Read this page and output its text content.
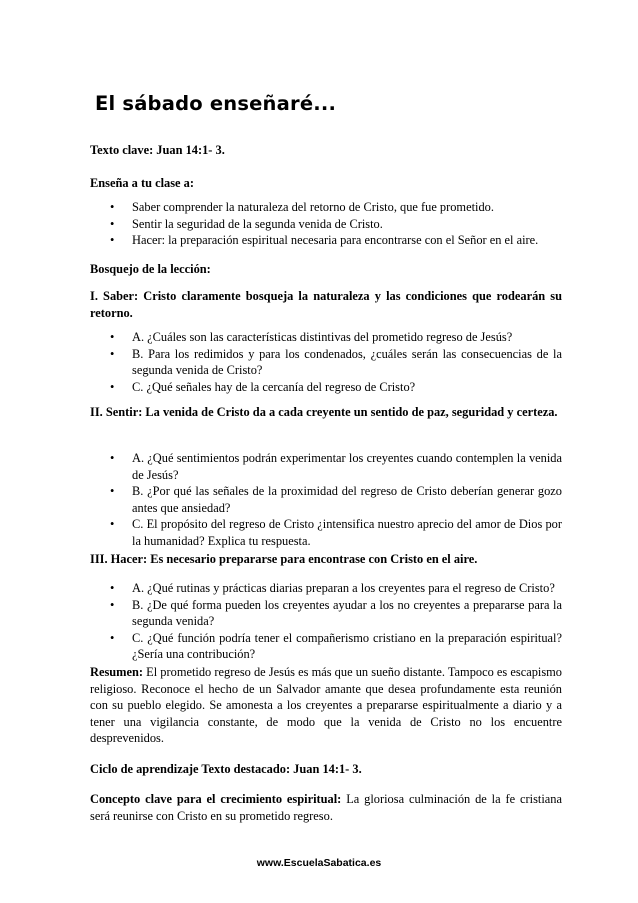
El sábado enseñaré...

Texto clave: Juan 14:1- 3.

Enseña a tu clase a:

• Saber comprender la naturaleza del retorno de Cristo, que fue prometido.
• Sentir la seguridad de la segunda venida de Cristo.
• Hacer: la preparación espiritual necesaria para encontrarse con el Señor en el aire.

Bosquejo de la lección:

I. Saber: Cristo claramente bosqueja la naturaleza y las condiciones que rodearán su retorno.

• A. ¿Cuáles son las características distintivas del prometido regreso de Jesús?
• B. Para los redimidos y para los condenados, ¿cuáles serán las consecuencias de la segunda venida de Cristo?
• C. ¿Qué señales hay de la cercanía del regreso de Cristo?

II. Sentir: La venida de Cristo da a cada creyente un sentido de paz, seguridad y certeza.

• A. ¿Qué sentimientos podrán experimentar los creyentes cuando contemplen la venida de Jesús?
• B. ¿Por qué las señales de la proximidad del regreso de Cristo deberían generar gozo antes que ansiedad?
• C. El propósito del regreso de Cristo ¿intensifica nuestro aprecio del amor de Dios por la humanidad? Explica tu respuesta.

III. Hacer: Es necesario prepararse para encontrase con Cristo en el aire.

• A. ¿Qué rutinas y prácticas diarias preparan a los creyentes para el regreso de Cristo?
• B. ¿De qué forma pueden los creyentes ayudar a los no creyentes a prepararse para la segunda venida?
• C. ¿Qué función podría tener el compañerismo cristiano en la preparación espiritual? ¿Sería una contribución?

Resumen: El prometido regreso de Jesús es más que un sueño distante. Tampoco es escapismo religioso. Reconoce el hecho de un Salvador amante que desea profundamente esta reunión con su pueblo elegido. Se amonesta a los creyentes a prepararse espiritualmente a diario y a tener una vigilancia constante, de modo que la venida de Cristo no los encuentre desprevenidos.

Ciclo de aprendizaje Texto destacado: Juan 14:1- 3.

Concepto clave para el crecimiento espiritual: La gloriosa culminación de la fe cristiana será reunirse con Cristo en su prometido regreso.

www.EscuelaSabatica.es
